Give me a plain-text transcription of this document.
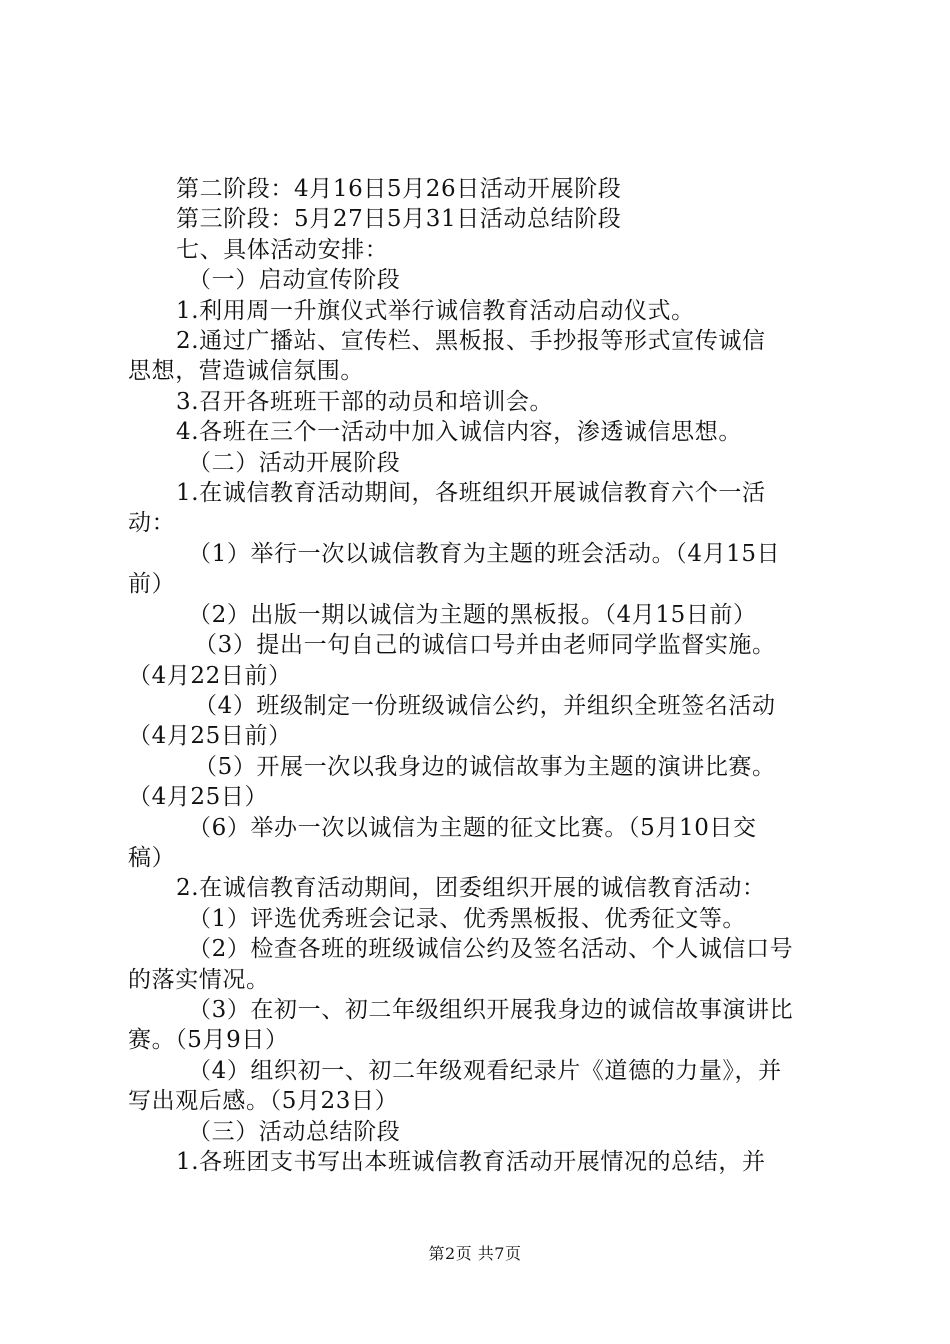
第二阶段：4月16日5月26日活动开展阶段
第三阶段：5月27日5月31日活动总结阶段
七、具体活动安排：
（一）启动宣传阶段
1.利用周一升旗仪式举行诚信教育活动启动仪式。
2.通过广播站、宣传栏、黑板报、手抄报等形式宣传诚信
思想，营造诚信氛围。
3.召开各班班干部的动员和培训会。
4.各班在三个一活动中加入诚信内容，渗透诚信思想。
（二）活动开展阶段
1.在诚信教育活动期间，各班组织开展诚信教育六个一活
动：
（1）举行一次以诚信教育为主题的班会活动。（4月15日
前）
（2）出版一期以诚信为主题的黑板报。（4月15日前）
（3）提出一句自己的诚信口号并由老师同学监督实施。
（4月22日前）
（4）班级制定一份班级诚信公约，并组织全班签名活动
（4月25日前）
（5）开展一次以我身边的诚信故事为主题的演讲比赛。
（4月25日）
（6）举办一次以诚信为主题的征文比赛。（5月10日交
稿）
2.在诚信教育活动期间，团委组织开展的诚信教育活动：
（1）评选优秀班会记录、优秀黑板报、优秀征文等。
（2）检查各班的班级诚信公约及签名活动、个人诚信口号
的落实情况。
（3）在初一、初二年级组织开展我身边的诚信故事演讲比
赛。（5月9日）
（4）组织初一、初二年级观看纪录片《道德的力量》，并
写出观后感。（5月23日）
（三）活动总结阶段
1.各班团支书写出本班诚信教育活动开展情况的总结，并
第2页 共7页
